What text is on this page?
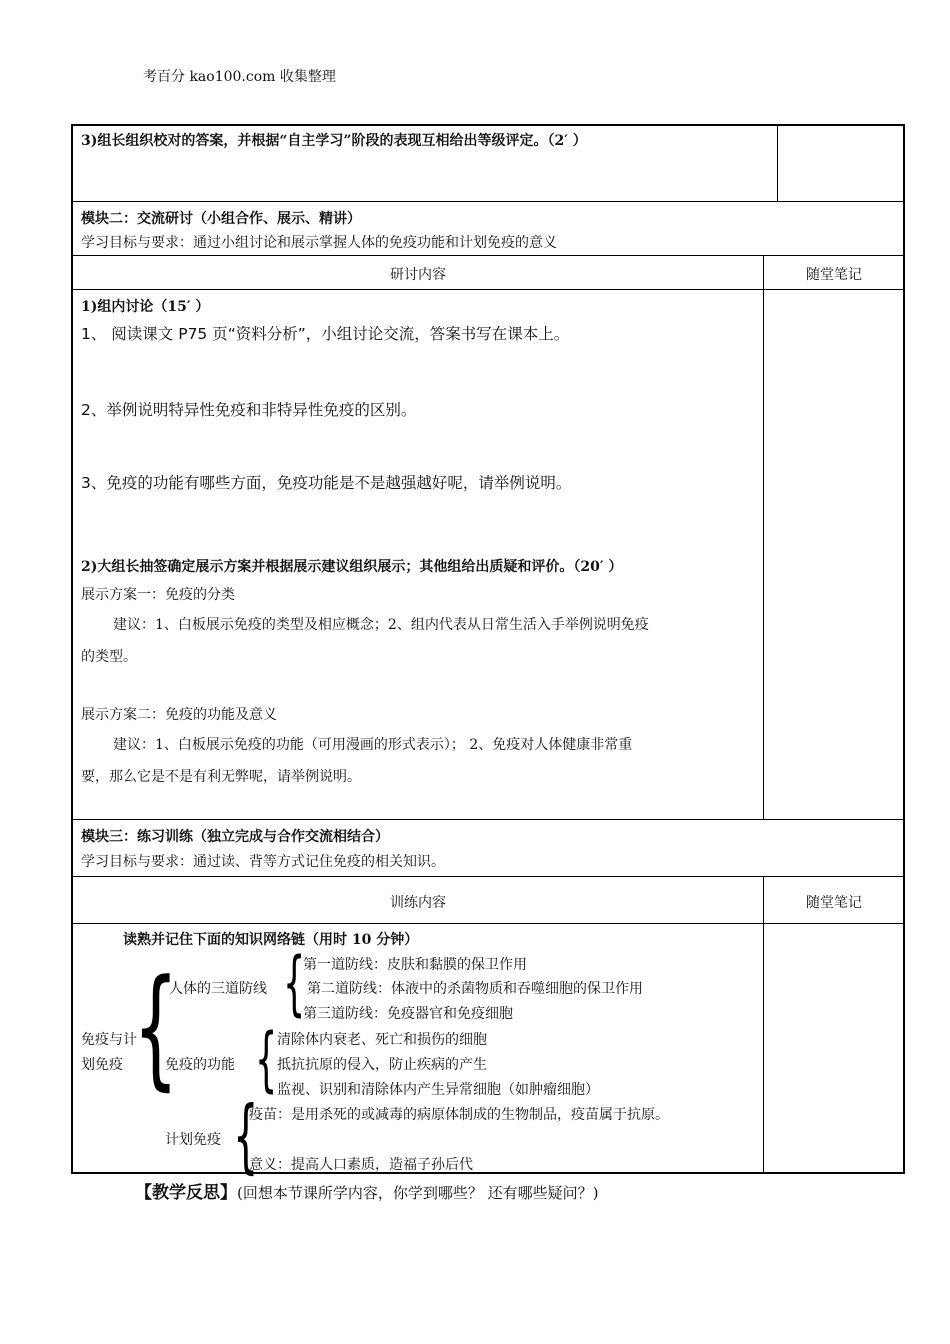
考百分 kao100.com 收集整理
3)组长组织校对的答案，并根据“自主学习”阶段的表现互相给出等级评定。（2′ ）
模块二：交流研讨（小组合作、展示、精讲）
学习目标与要求：通过小组讨论和展示掌握人体的免疫功能和计划免疫的意义
研讨内容	随堂笔记
1)组内讨论（15′ ）
1、 阅读课文 P75 页“资料分析”，小组讨论交流，答案书写在课本上。
2、举例说明特异性免疫和非特异性免疫的区别。
3、免疫的功能有哪些方面，免疫功能是不是越强越好呢，请举例说明。
2)大组长抽签确定展示方案并根据展示建议组织展示；其他组给出质疑和评价。（20′ ）
展示方案一：免疫的分类
建议：1、白板展示免疫的类型及相应概念；2、组内代表从日常生活入手举例说明免疫
的类型。
展示方案二：免疫的功能及意义
建议：1、白板展示免疫的功能（可用漫画的形式表示）； 2、免疫对人体健康非常重
要，那么它是不是有利无弊呢，请举例说明。
模块三：练习训练（独立完成与合作交流相结合）
学习目标与要求：通过读、背等方式记住免疫的相关知识。
训练内容	随堂笔记
读熟并记住下面的知识网络链（用时 10 分钟）
免疫与计
划免疫 {
人体的三道防线 {
第一道防线：皮肤和黏膜的保卫作用
第二道防线：体液中的杀菌物质和吞噬细胞的保卫作用
第三道防线：免疫器官和免疫细胞
免疫的功能 { 清除体内衰老、死亡和损伤的细胞
抵抗抗原的侵入，防止疾病的产生
监视、识别和清除体内产生异常细胞（如肿瘤细胞）
计划免疫 {
疫苗：是用杀死的或减毒的病原体制成的生物制品，疫苗属于抗原。
意义：提高人口素质，造福子孙后代
【教学反思】(回想本节课所学内容，你学到哪些？ 还有哪些疑问？)
